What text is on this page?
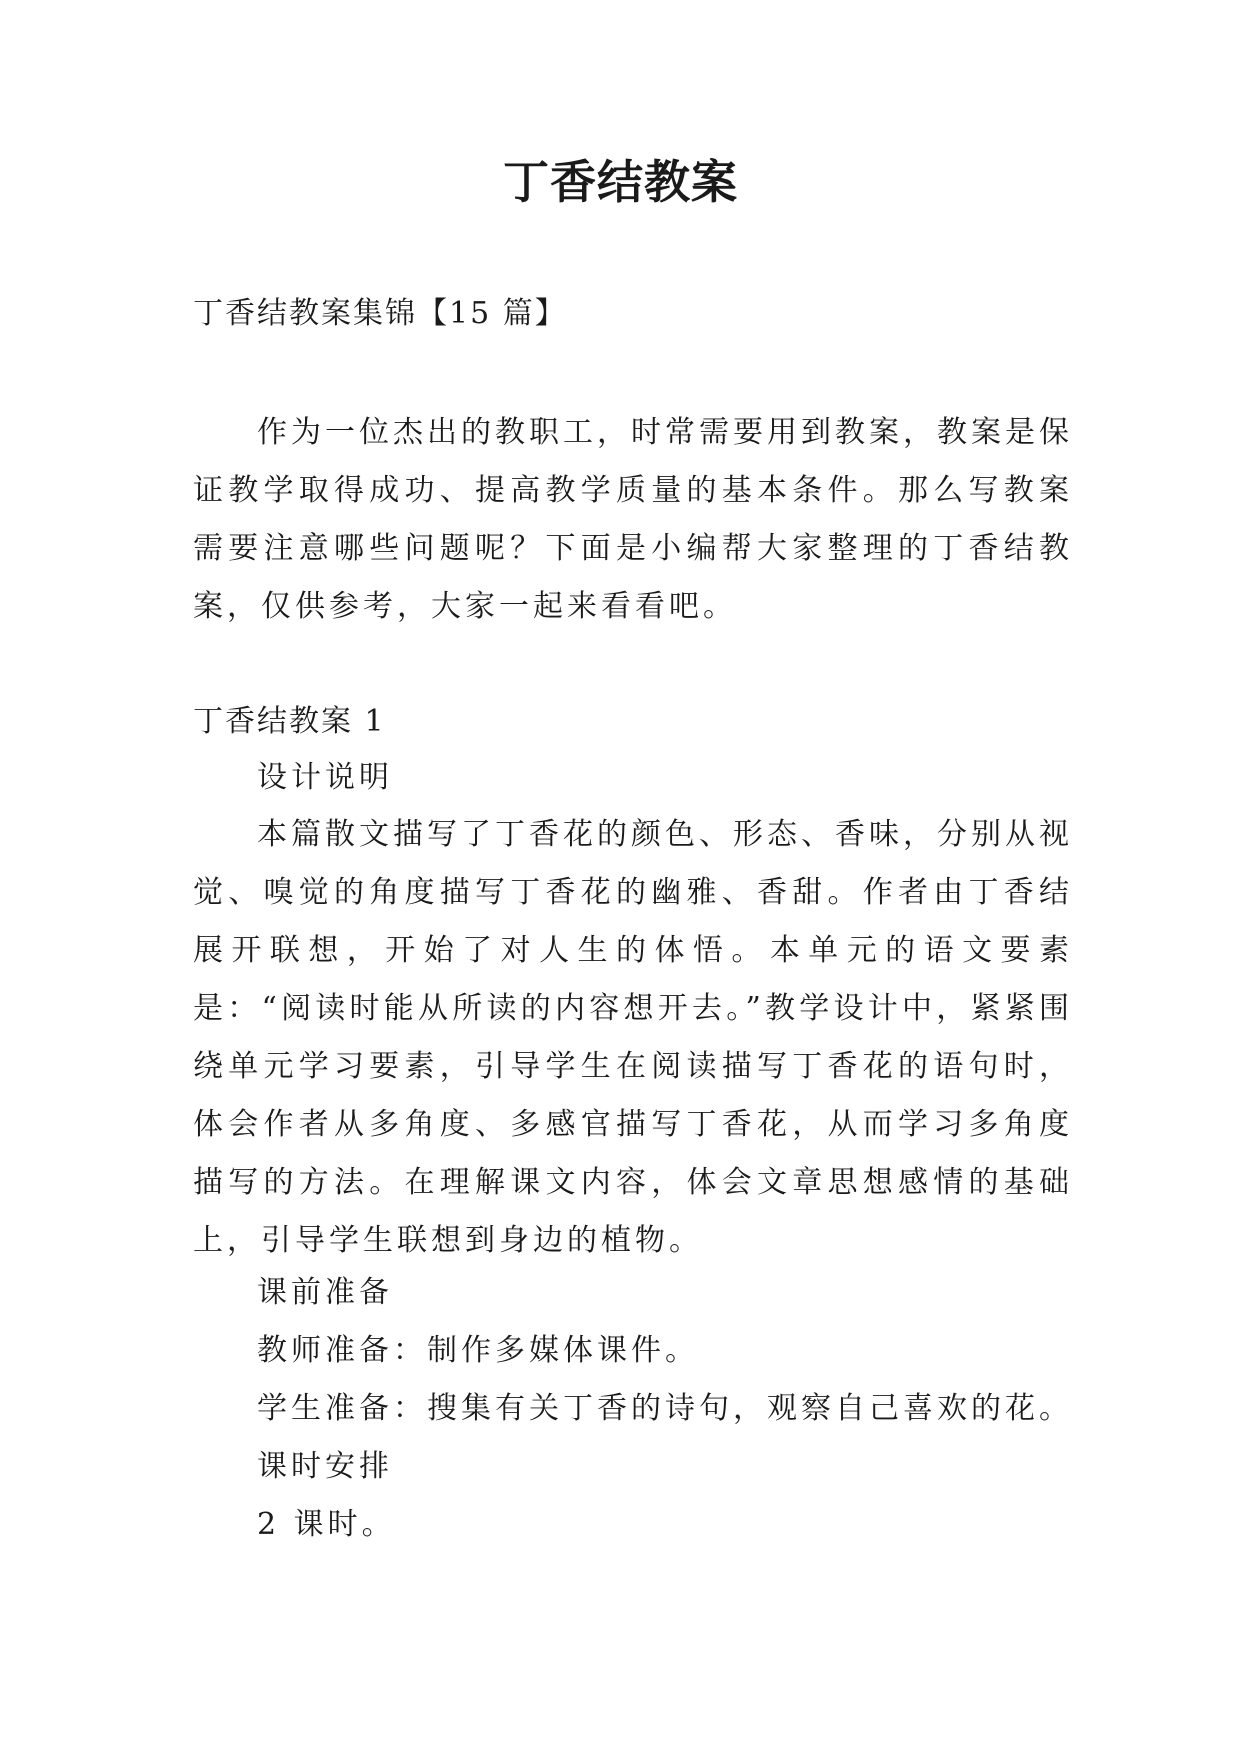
丁香结教案
丁香结教案集锦【15 篇】

作为一位杰出的教职工，时常需要用到教案，教案是保证教学取得成功、提高教学质量的基本条件。那么写教案需要注意哪些问题呢？下面是小编帮大家整理的丁香结教案，仅供参考，大家一起来看看吧。

丁香结教案 1
设计说明

本篇散文描写了丁香花的颜色、形态、香味，分别从视觉、嗅觉的角度描写丁香花的幽雅、香甜。作者由丁香结展开联想，开始了对人生的体悟。本单元的语文要素是：“阅读时能从所读的内容想开去。”教学设计中，紧紧围绕单元学习要素，引导学生在阅读描写丁香花的语句时，体会作者从多角度、多感官描写丁香花，从而学习多角度描写的方法。在理解课文内容，体会文章思想感情的基础上，引导学生联想到身边的植物。

课前准备
教师准备：制作多媒体课件。
学生准备：搜集有关丁香的诗句，观察自己喜欢的花。
课时安排
2 课时。
